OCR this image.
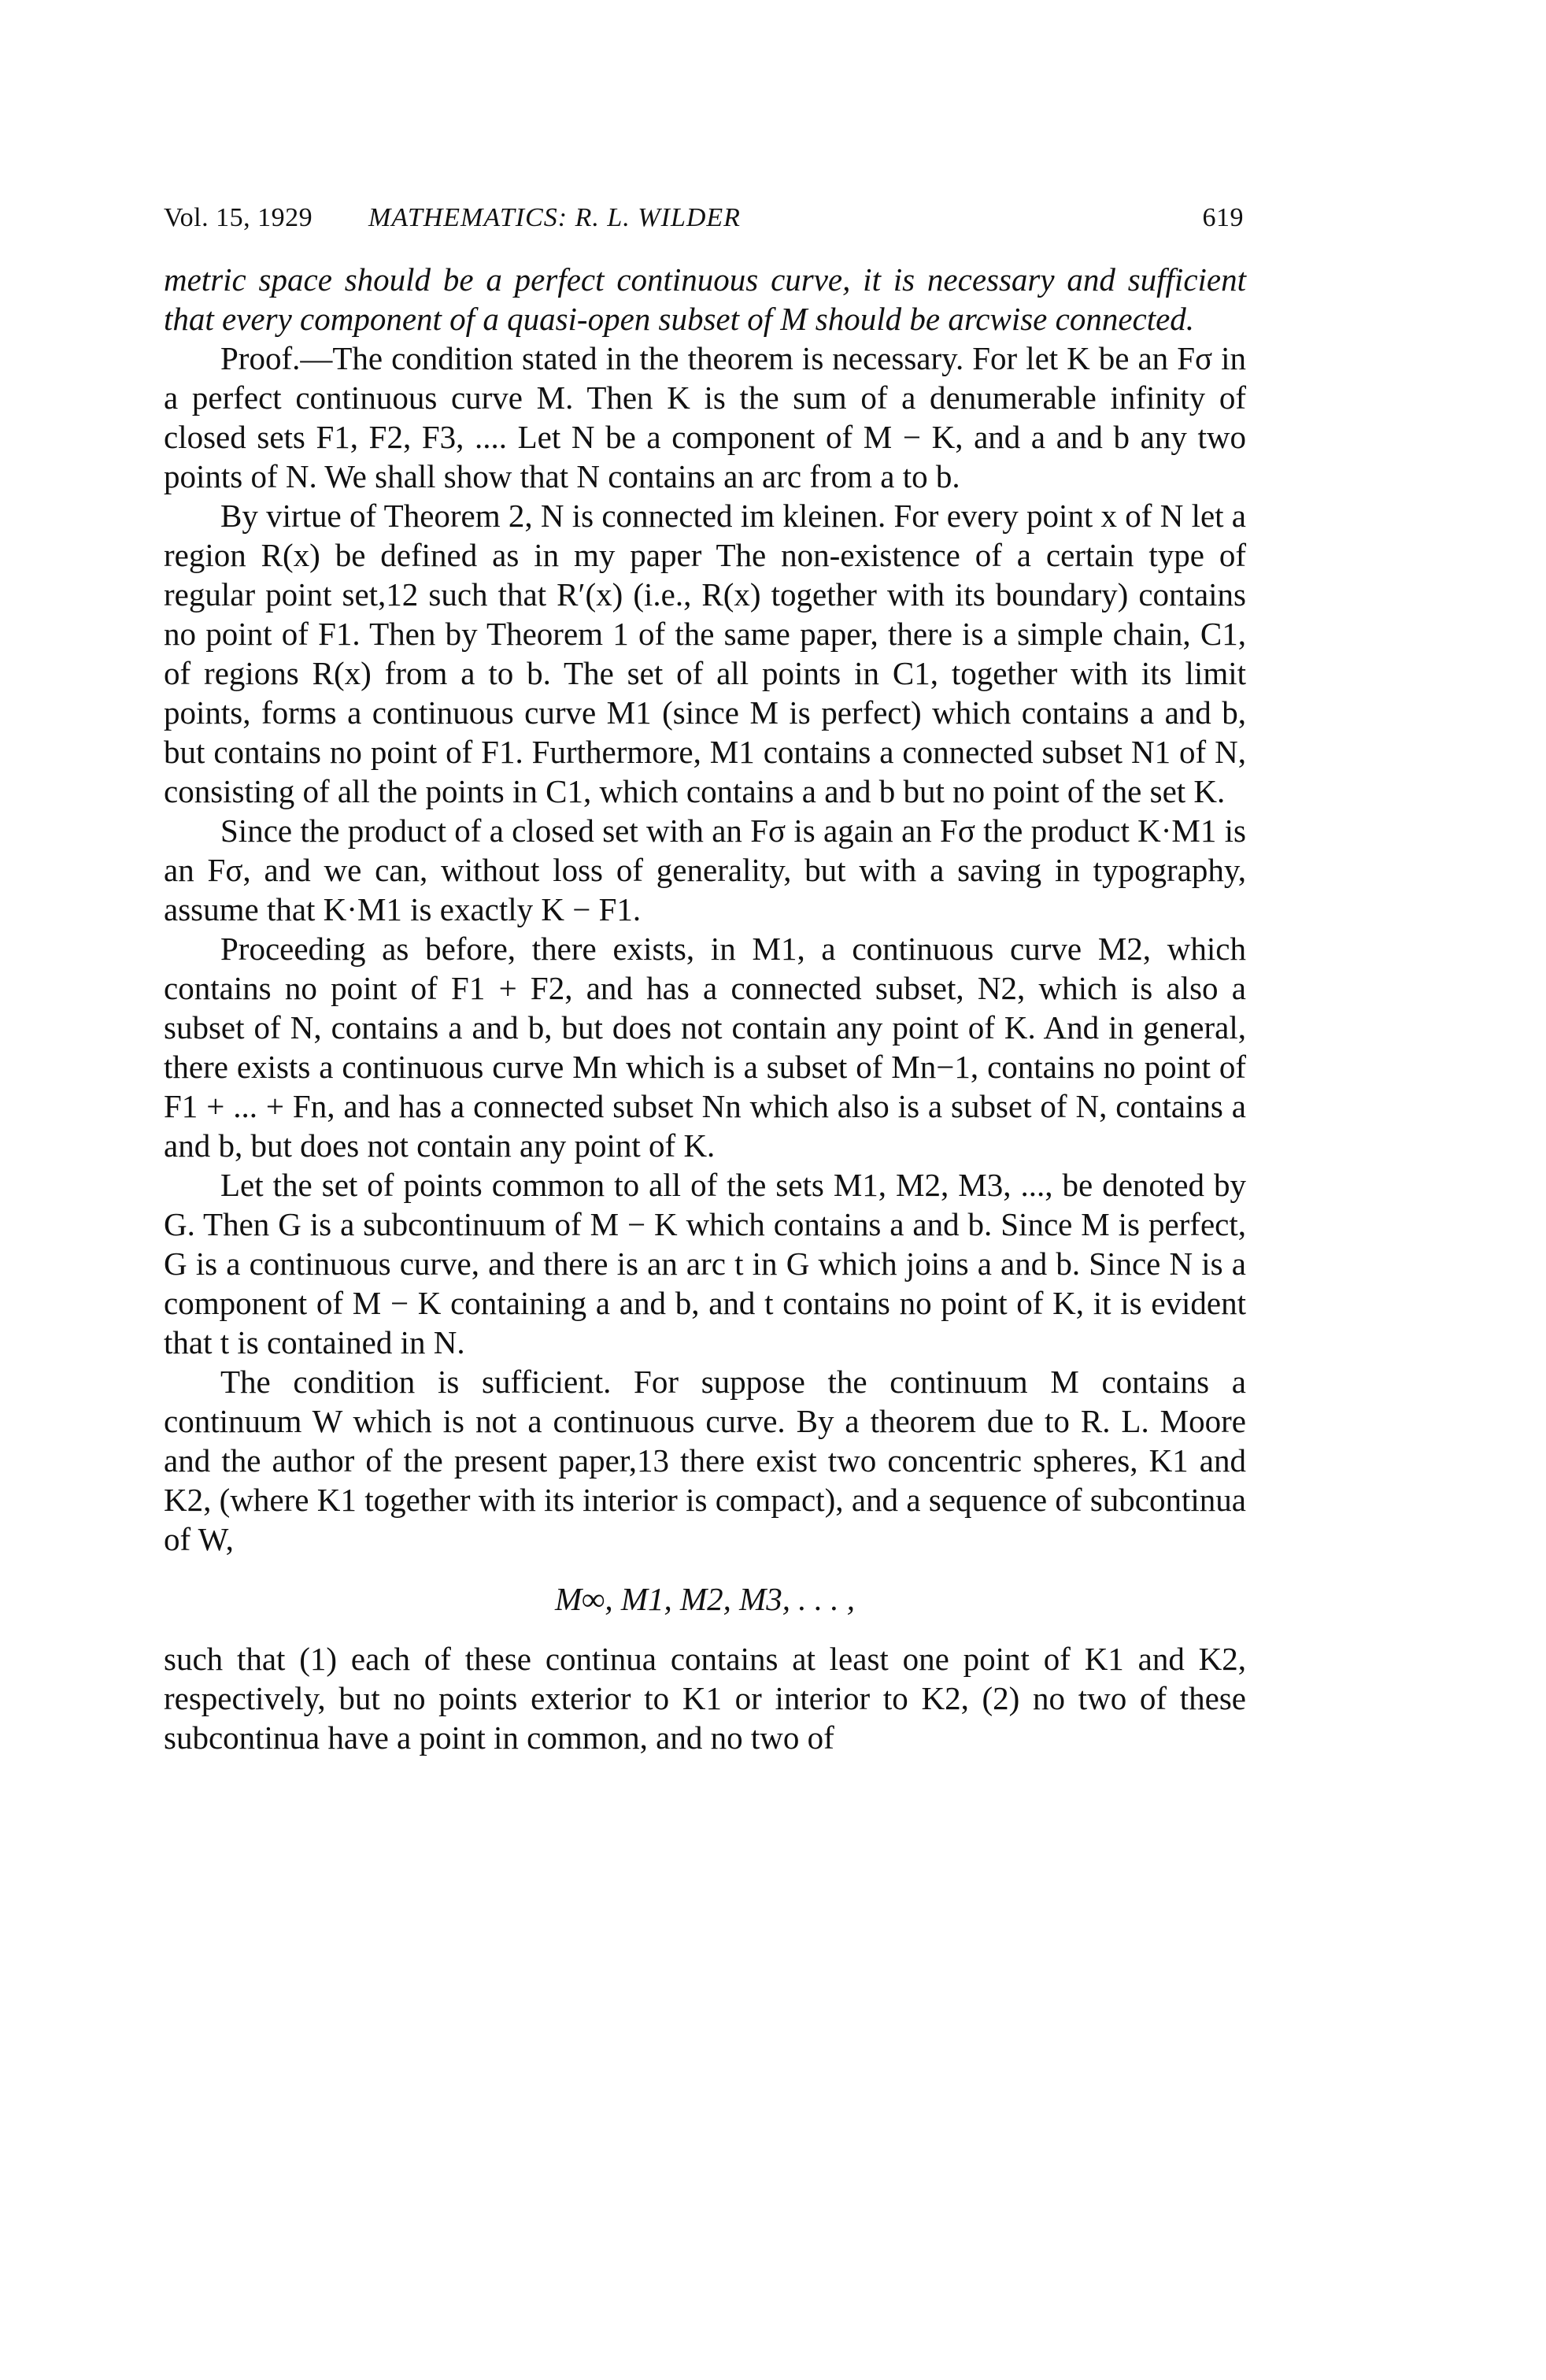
Vol. 15, 1929 MATHEMATICS: R. L. WILDER	619

metric space should be a perfect continuous curve, it is necessary and sufficient that every component of a quasi-open subset of M should be arcwise connected.

Proof.—The condition stated in the theorem is necessary. For let K be an Fσ in a perfect continuous curve M. Then K is the sum of a denumerable infinity of closed sets F1, F2, F3, .... Let N be a component of M − K, and a and b any two points of N. We shall show that N contains an arc from a to b.

By virtue of Theorem 2, N is connected im kleinen. For every point x of N let a region R(x) be defined as in my paper The non-existence of a certain type of regular point set,12 such that R′(x) (i.e., R(x) together with its boundary) contains no point of F1. Then by Theorem 1 of the same paper, there is a simple chain, C1, of regions R(x) from a to b. The set of all points in C1, together with its limit points, forms a continuous curve M1 (since M is perfect) which contains a and b, but contains no point of F1. Furthermore, M1 contains a connected subset N1 of N, consisting of all the points in C1, which contains a and b but no point of the set K.

Since the product of a closed set with an Fσ is again an Fσ the product K·M1 is an Fσ, and we can, without loss of generality, but with a saving in typography, assume that K·M1 is exactly K − F1.

Proceeding as before, there exists, in M1, a continuous curve M2, which contains no point of F1 + F2, and has a connected subset, N2, which is also a subset of N, contains a and b, but does not contain any point of K. And in general, there exists a continuous curve Mn which is a subset of Mn−1, contains no point of F1 + ... + Fn, and has a connected subset Nn which also is a subset of N, contains a and b, but does not contain any point of K.

Let the set of points common to all of the sets M1, M2, M3, ..., be denoted by G. Then G is a subcontinuum of M − K which contains a and b. Since M is perfect, G is a continuous curve, and there is an arc t in G which joins a and b. Since N is a component of M − K containing a and b, and t contains no point of K, it is evident that t is contained in N.

The condition is sufficient. For suppose the continuum M contains a continuum W which is not a continuous curve. By a theorem due to R. L. Moore and the author of the present paper,13 there exist two concentric spheres, K1 and K2, (where K1 together with its interior is compact), and a sequence of subcontinua of W,

M∞, M1, M2, M3, . . . ,

such that (1) each of these continua contains at least one point of K1 and K2, respectively, but no points exterior to K1 or interior to K2, (2) no two of these subcontinua have a point in common, and no two of
